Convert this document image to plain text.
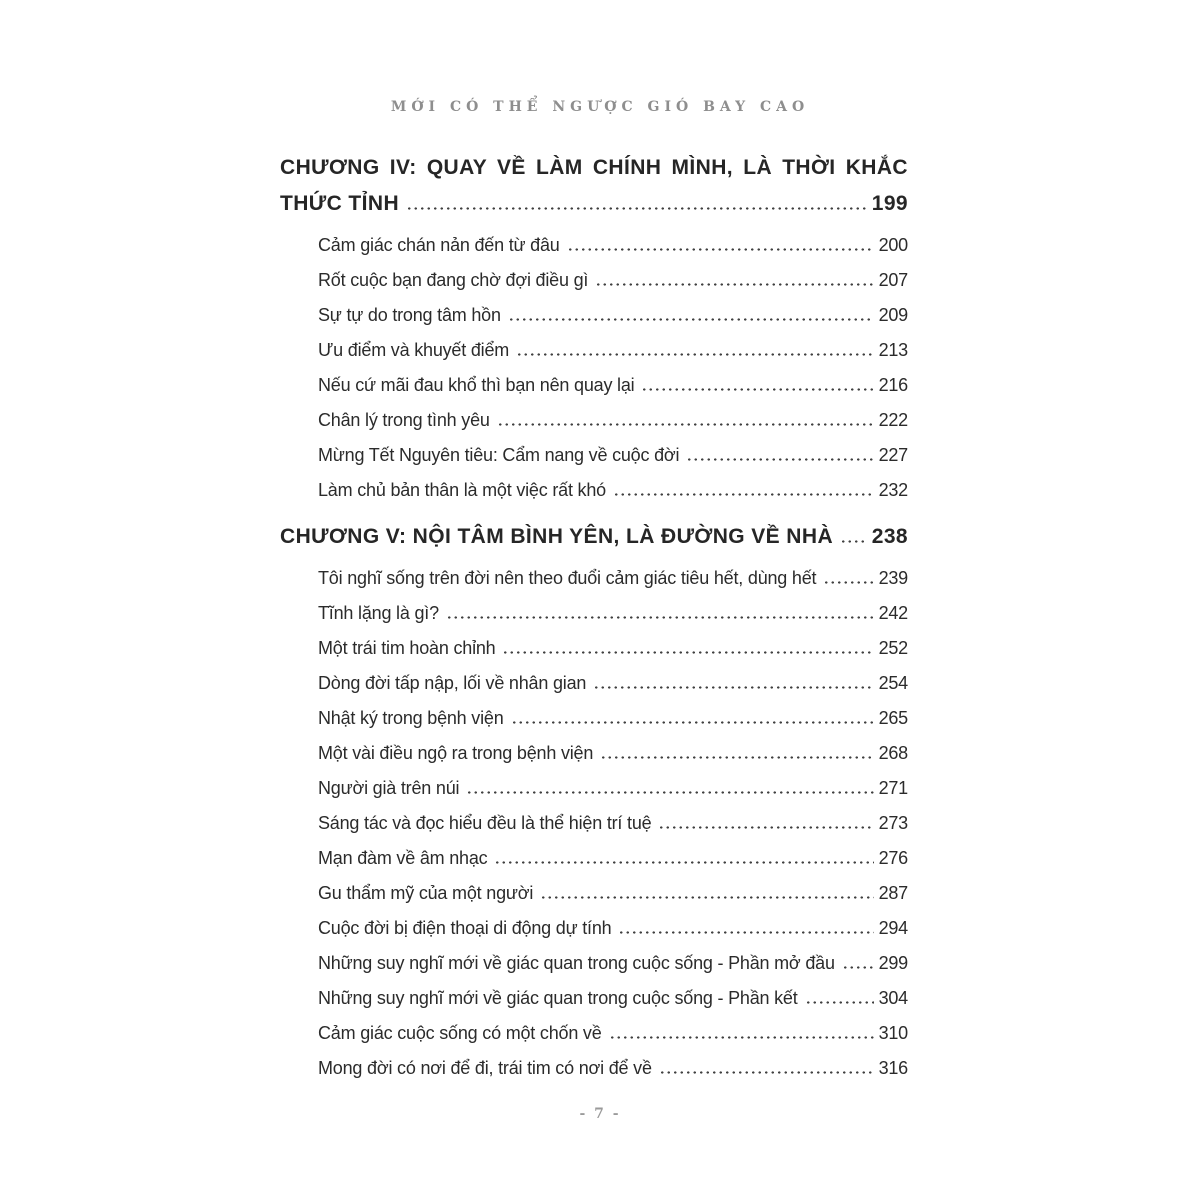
MỚI CÓ THỂ NGƯỢC GIÓ BAY CAO
CHƯƠNG IV: QUAY VỀ LÀM CHÍNH MÌNH, LÀ THỜI KHẮC
THỨC TỈNH	199
Cảm giác chán nản đến từ đâu	200
Rốt cuộc bạn đang chờ đợi điều gì	207
Sự tự do trong tâm hồn	209
Ưu điểm và khuyết điểm	213
Nếu cứ mãi đau khổ thì bạn nên quay lại	216
Chân lý trong tình yêu	222
Mừng Tết Nguyên tiêu: Cẩm nang về cuộc đời	227
Làm chủ bản thân là một việc rất khó	232
CHƯƠNG V: NỘI TÂM BÌNH YÊN, LÀ ĐƯỜNG VỀ NHÀ 238
Tôi nghĩ sống trên đời nên theo đuổi cảm giác tiêu hết, dùng hết	239
Tĩnh lặng là gì?	242
Một trái tim hoàn chỉnh	252
Dòng đời tấp nập, lối về nhân gian	254
Nhật ký trong bệnh viện	265
Một vài điều ngộ ra trong bệnh viện	268
Người già trên núi	271
Sáng tác và đọc hiểu đều là thể hiện trí tuệ	273
Mạn đàm về âm nhạc	276
Gu thẩm mỹ của một người	287
Cuộc đời bị điện thoại di động dự tính	294
Những suy nghĩ mới về giác quan trong cuộc sống - Phần mở đầu 299
Những suy nghĩ mới về giác quan trong cuộc sống - Phần kết	304
Cảm giác cuộc sống có một chốn về	310
Mong đời có nơi để đi, trái tim có nơi để về	316
- 7 -
